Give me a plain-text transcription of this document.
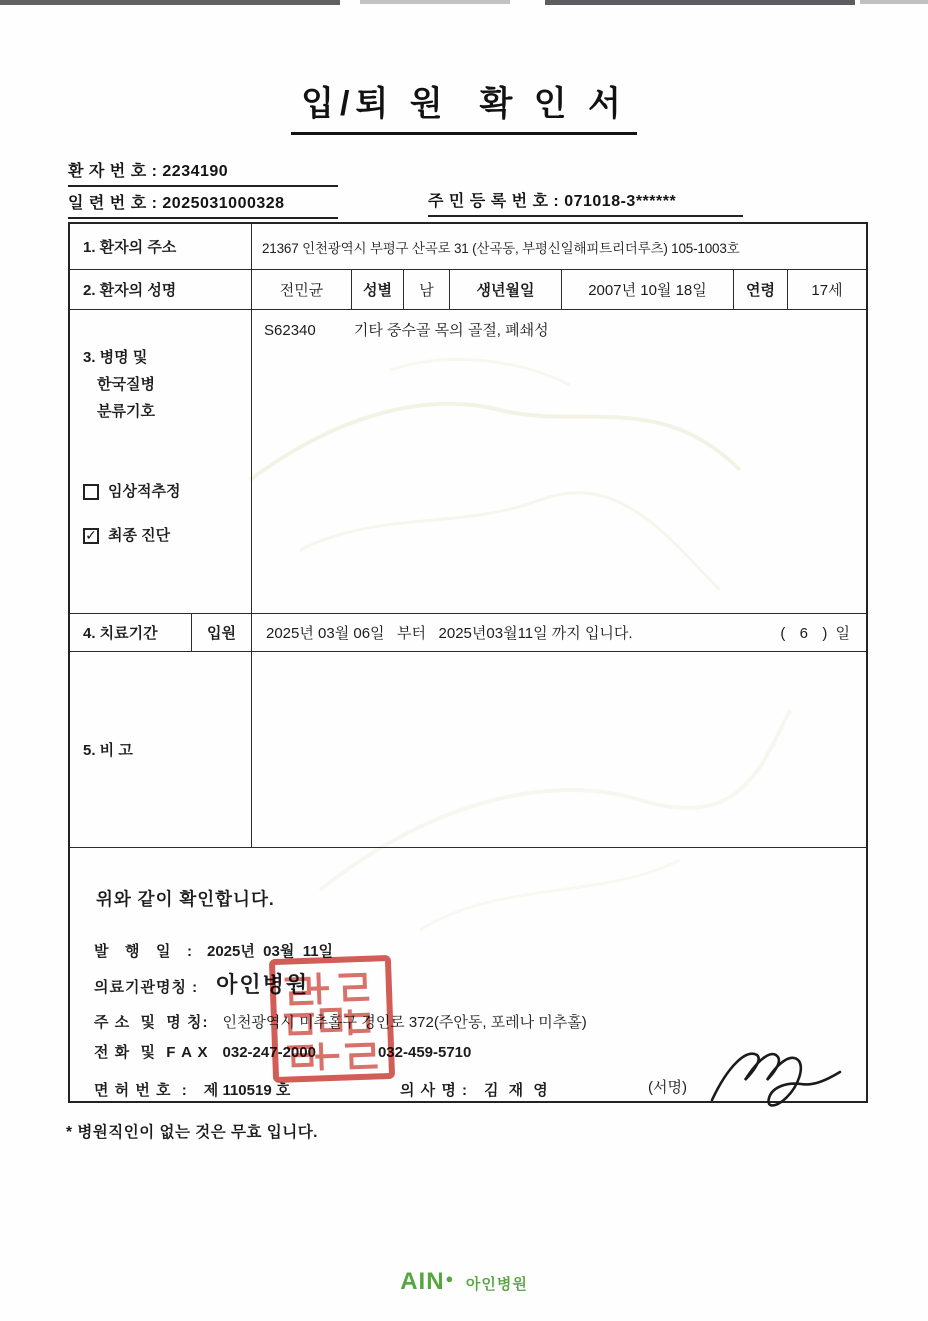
입/퇴 원  확 인 서
환 자 번 호 : 2234190
일 련 번 호 : 2025031000328	주 민 등 록 번 호 : 071018-3******
1. 환자의 주소	21367 인천광역시 부평구 산곡로 31 (산곡동, 부평신일해피트리더루츠) 105-1003호
2. 환자의 성명	전민균	성별	남	생년월일	2007년 10월 18일	연령	17세
3. 병명 및
한국질병
분류기호
임상적추정
✓ 최종 진단
S62340	기타 중수골 목의 골절, 폐쇄성
4. 치료기간	입원	2025년 03월 06일   부터   2025년03월11일 까지 입니다.	(  6  ) 일
5. 비 고
위와 같이 확인합니다.
발   행   일   : 2025년  03월  11일
의료기관명칭 : 아인병원
주 소  및  명 칭: 인천광역시 미추홀구 경인로 372(주안동, 포레나 미추홀)
전 화  및  F A X 032-247-2000	032-459-5710
면 허 번 호  : 제 110519 호	의 사 명 : 김 재 영	(서명)
* 병원직인이 없는 것은 무효 입니다.
AIN● 아인병원
